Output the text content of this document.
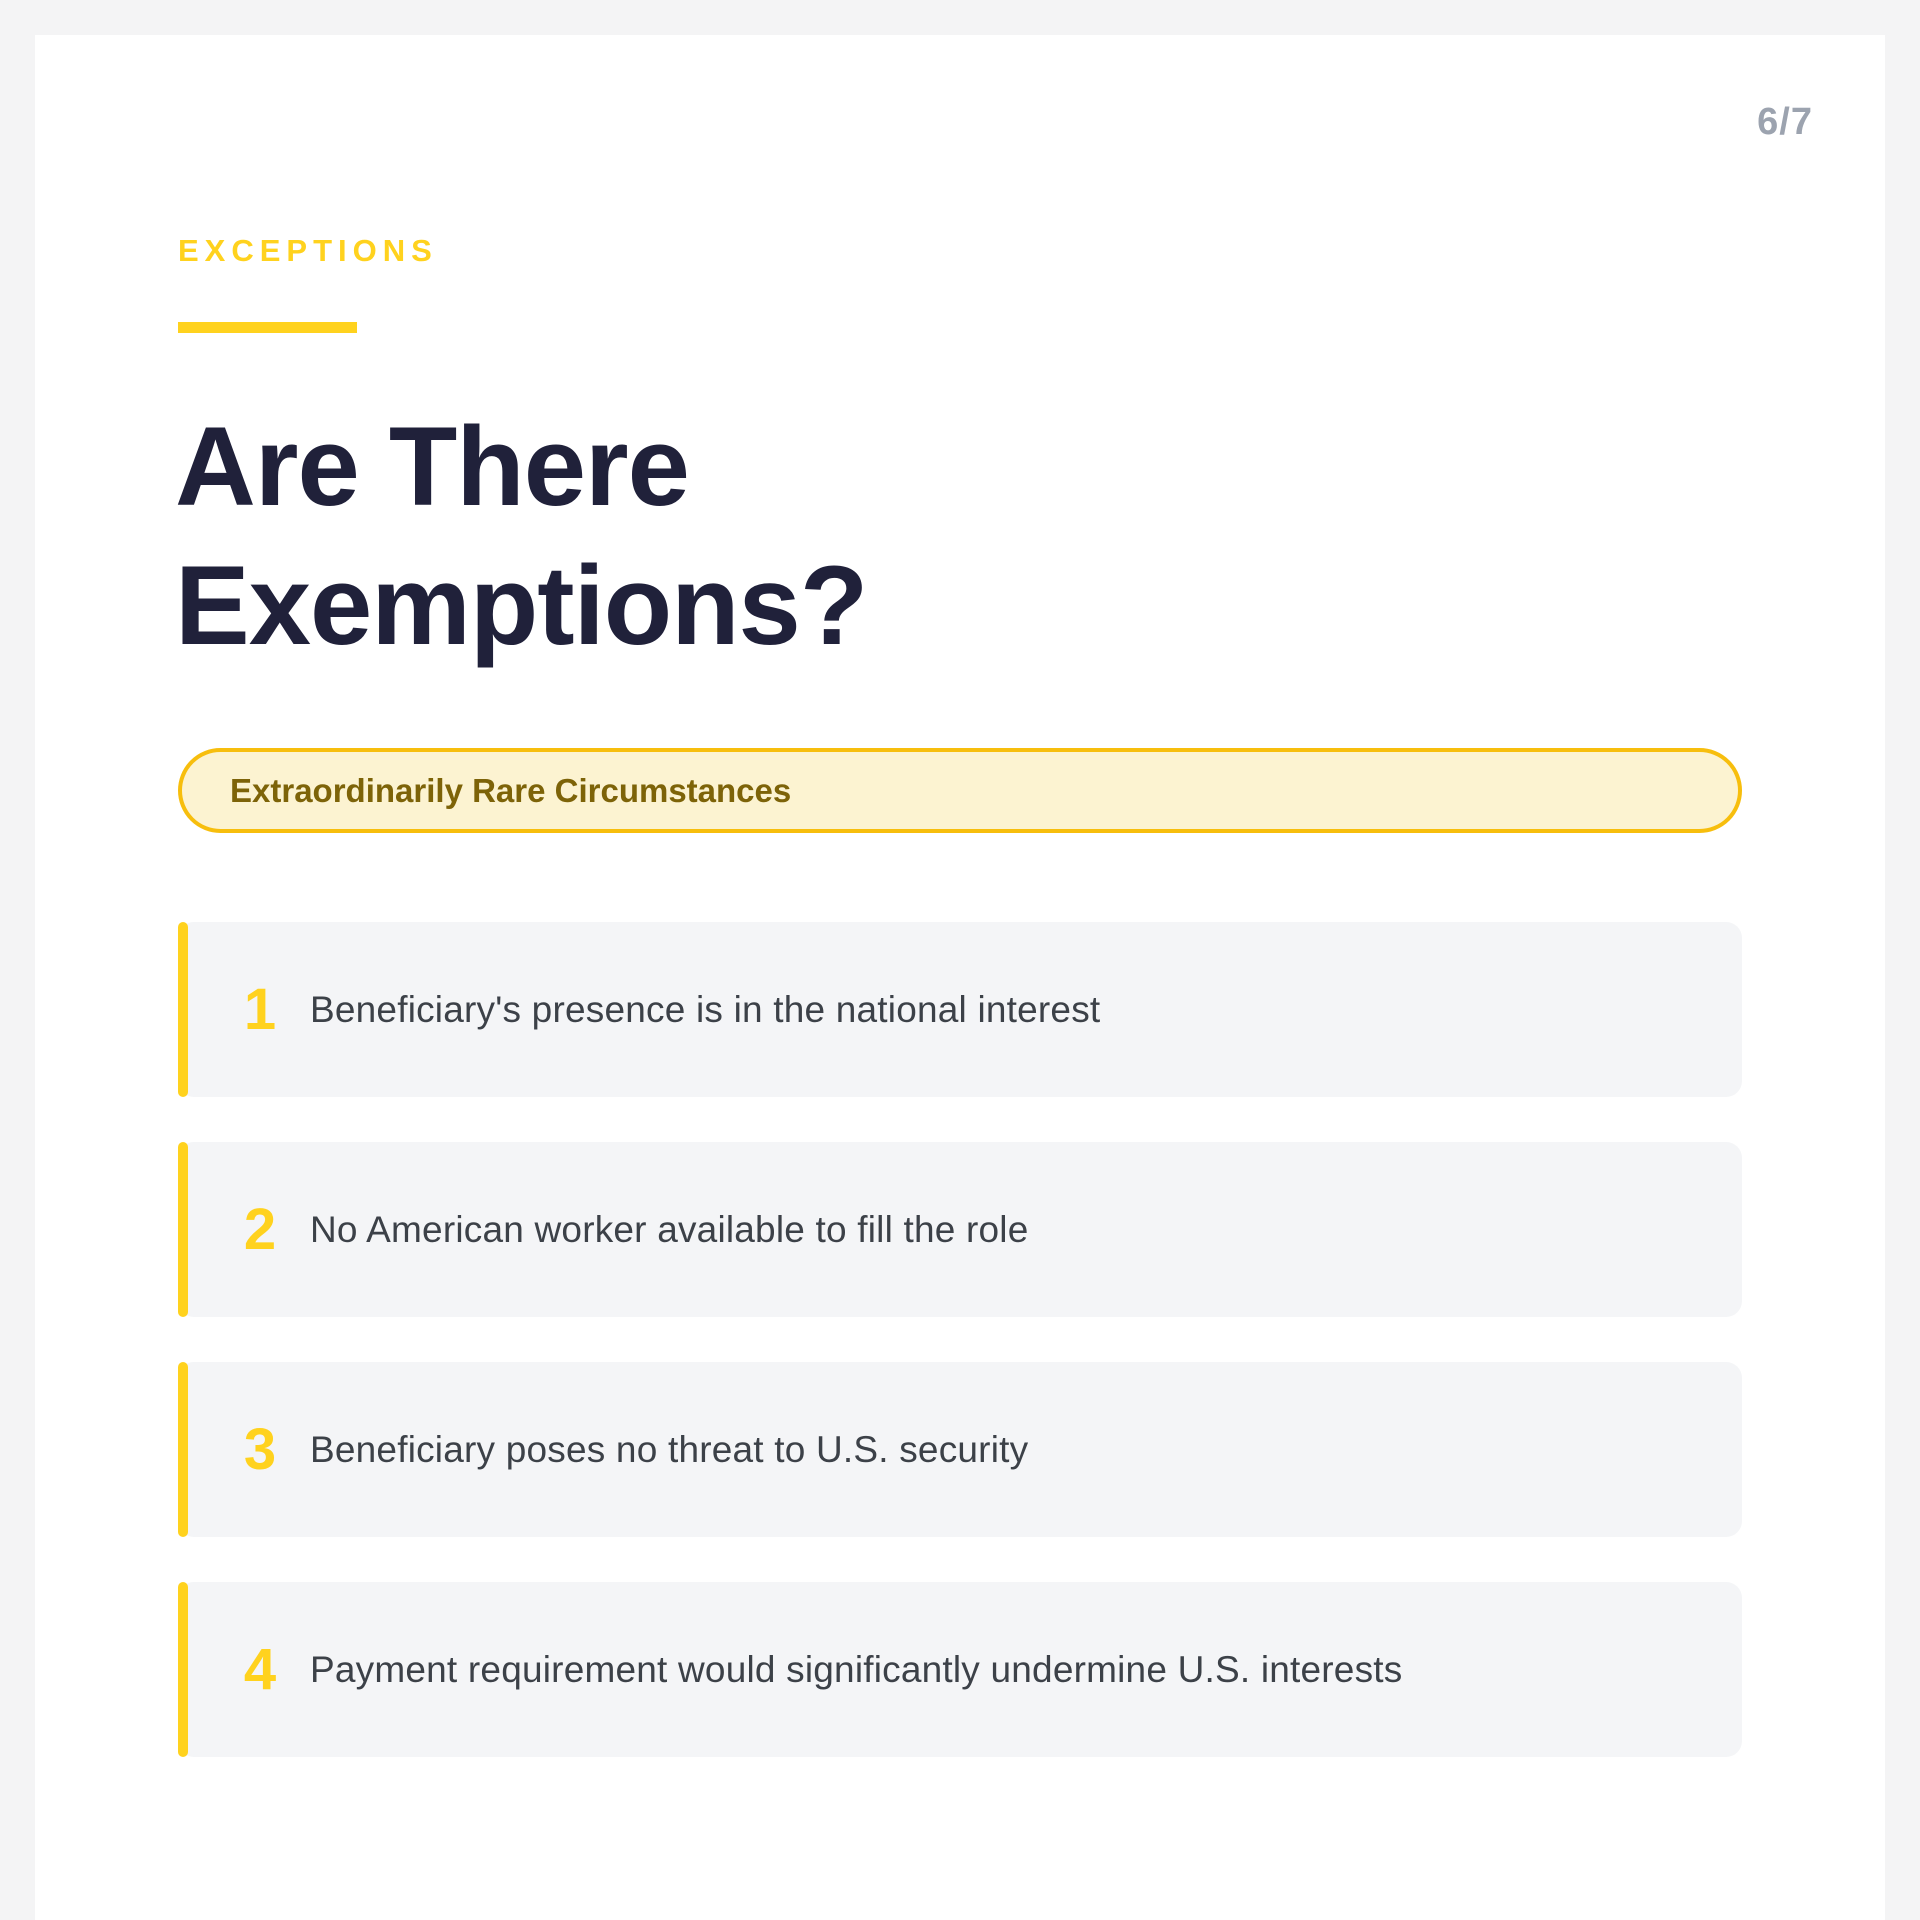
6/7
EXCEPTIONS
Are There Exemptions?
Extraordinarily Rare Circumstances
1 Beneficiary's presence is in the national interest
2 No American worker available to fill the role
3 Beneficiary poses no threat to U.S. security
4 Payment requirement would significantly undermine U.S. interests
